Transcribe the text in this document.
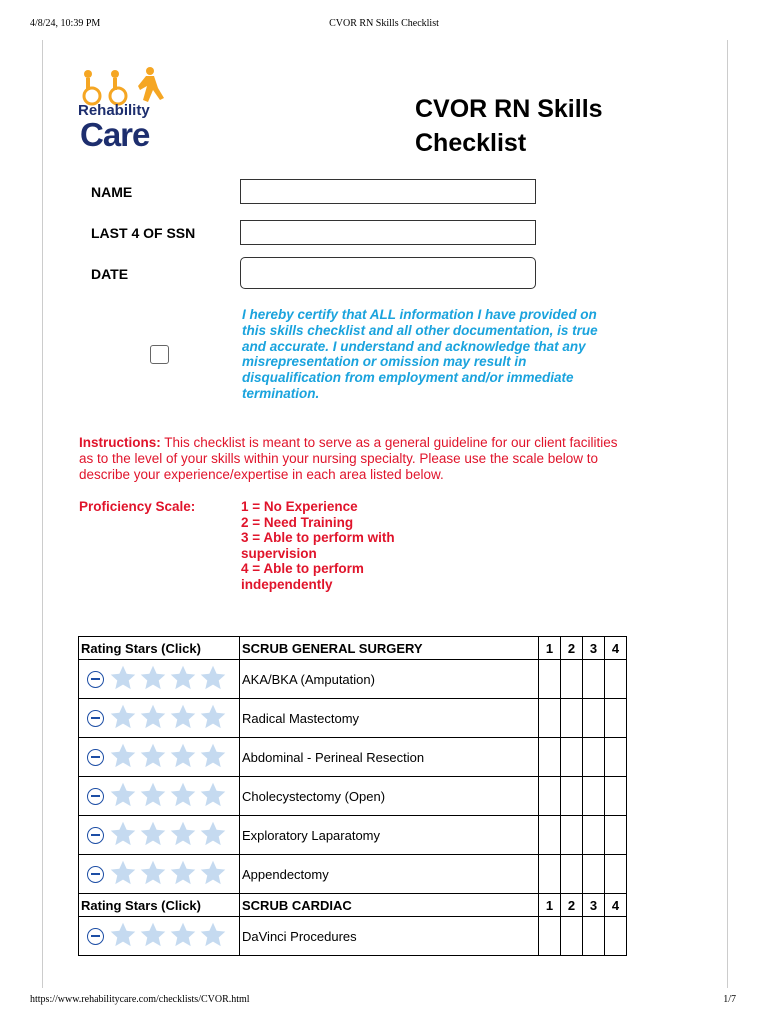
4/8/24, 10:39 PM	CVOR RN Skills Checklist
Rehability
Care
CVOR RN Skills Checklist
NAME
LAST 4 OF SSN
DATE
I hereby certify that ALL information I have provided on this skills checklist and all other documentation, is true and accurate. I understand and acknowledge that any misrepresentation or omission may result in disqualification from employment and/or immediate termination.
Instructions: This checklist is meant to serve as a general guideline for our client facilities as to the level of your skills within your nursing specialty. Please use the scale below to describe your experience/expertise in each area listed below.
Proficiency Scale:	1 = No Experience
2 = Need Training
3 = Able to perform with supervision
4 = Able to perform independently
Rating Stars (Click)	SCRUB GENERAL SURGERY	1	2	3	4

	AKA/BKA (Amputation)				

	Radical Mastectomy				

	Abdominal - Perineal Resection				

	Cholecystectomy (Open)				

	Exploratory Laparatomy				

	Appendectomy				
Rating Stars (Click)	SCRUB CARDIAC	1	2	3	4

	DaVinci Procedures				
https://www.rehabilitycare.com/checklists/CVOR.html	1/7
